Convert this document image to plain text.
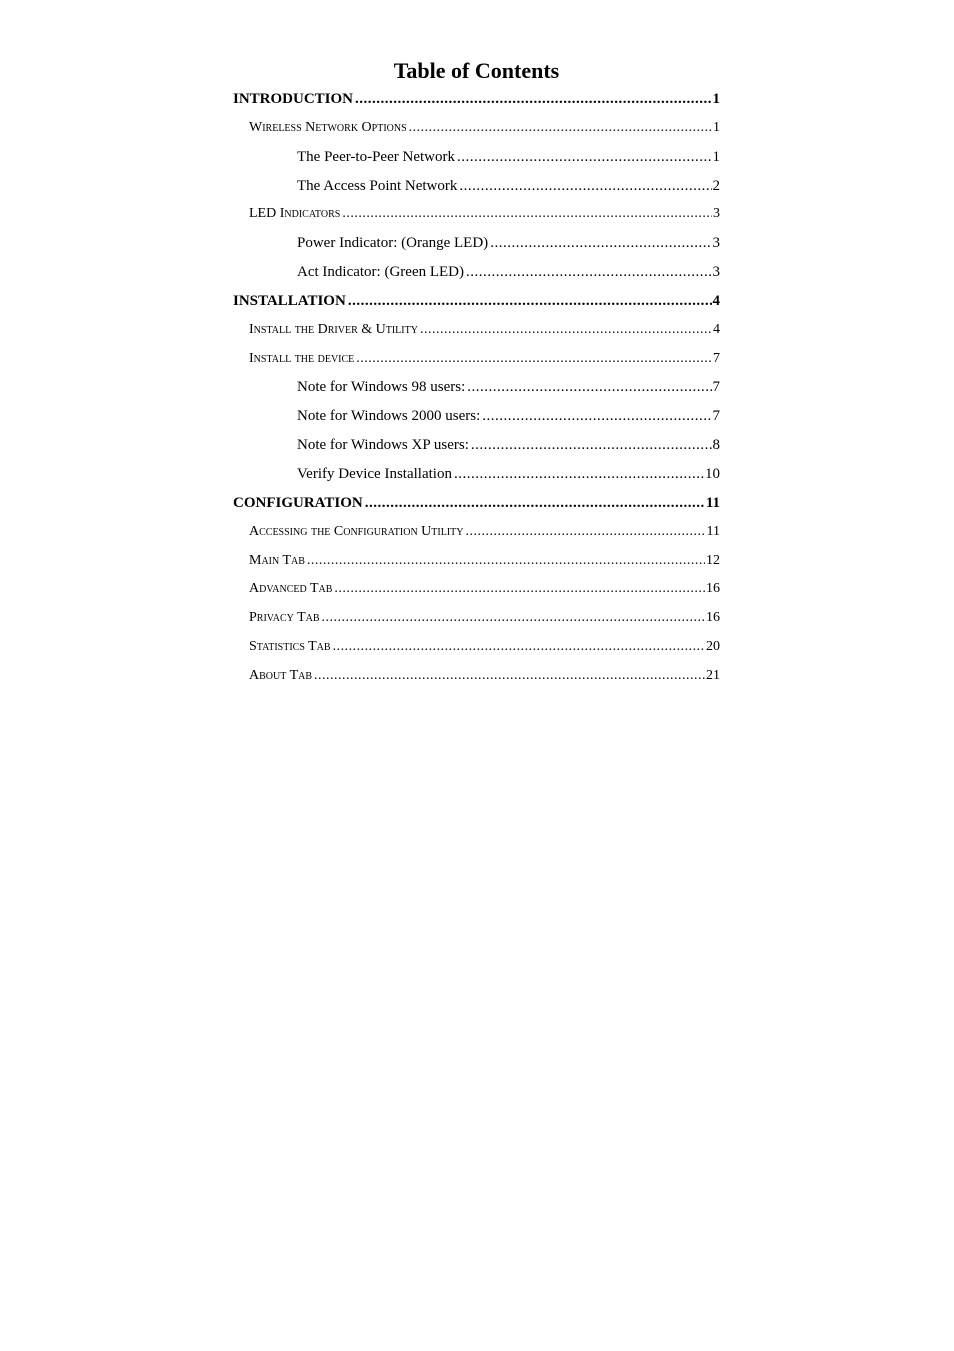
Table of Contents
INTRODUCTION .....	1
Wireless Network Options .....	1
The Peer-to-Peer Network .....	1
The Access Point Network .....	2
LED Indicators .....	3
Power Indicator: (Orange LED) .....	3
Act Indicator: (Green LED) .....	3
INSTALLATION .....	4
Install the Driver & Utility .....	4
Install the device .....	7
Note for Windows 98 users: .....	7
Note for Windows 2000 users: .....	7
Note for Windows XP users: .....	8
Verify Device Installation .....	10
CONFIGURATION .....	11
Accessing the Configuration Utility .....	11
Main Tab .....	12
Advanced Tab .....	16
Privacy Tab .....	16
Statistics Tab .....	20
About Tab .....	21
